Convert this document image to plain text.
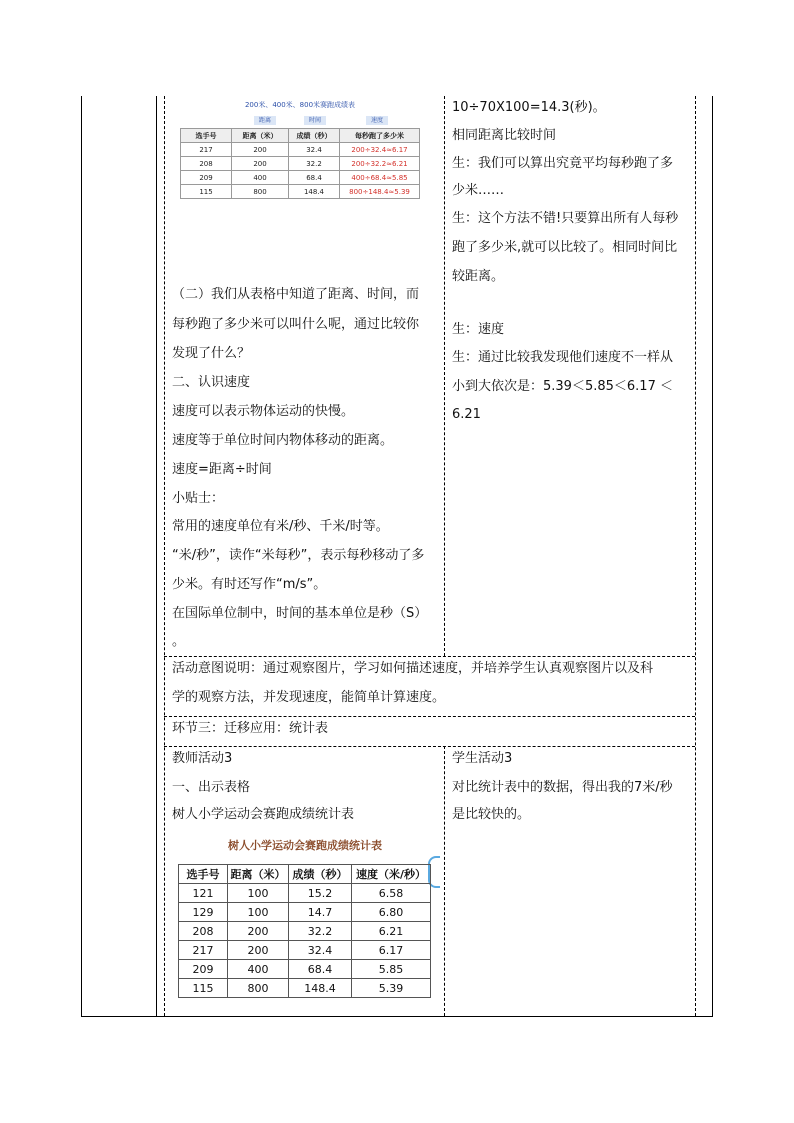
200米、400米、800米赛跑成绩表
距离	时间	速度
选手号	距离（米）	成绩（秒）	每秒跑了多少米
217	200	32.4	200÷32.4≈6.17
208	200	32.2	200÷32.2≈6.21
209	400	68.4	400÷68.4≈5.85
115	800	148.4	800÷148.4≈5.39
（二）我们从表格中知道了距离、时间，而
每秒跑了多少米可以叫什么呢，通过比较你
发现了什么？
二、认识速度
速度可以表示物体运动的快慢。
速度等于单位时间内物体移动的距离。
速度=距离÷时间
小贴士：
常用的速度单位有米/秒、千米/时等。
“米/秒”，读作“米每秒”，表示每秒移动了多
少米。有时还写作“m/s”。
在国际单位制中，时间的基本单位是秒（S）
。
10÷70X100=14.3(秒)。
相同距离比较时间
生：我们可以算出究竟平均每秒跑了多
少米……
生：这个方法不错!只要算出所有人每秒
跑了多少米,就可以比较了。相同时间比
较距离。
生：速度
生：通过比较我发现他们速度不一样从
小到大依次是：5.39＜5.85＜6.17 ＜
6.21
活动意图说明：通过观察图片，学习如何描述速度，并培养学生认真观察图片以及科
学的观察方法，并发现速度，能简单计算速度。
环节三：迁移应用：统计表
教师活动3
一、出示表格
树人小学运动会赛跑成绩统计表
学生活动3
对比统计表中的数据，得出我的7米/秒
是比较快的。
树人小学运动会赛跑成绩统计表
选手号	距离（米）	成绩（秒）	速度（米/秒）
121	100	15.2	6.58
129	100	14.7	6.80
208	200	32.2	6.21
217	200	32.4	6.17
209	400	68.4	5.85
115	800	148.4	5.39
